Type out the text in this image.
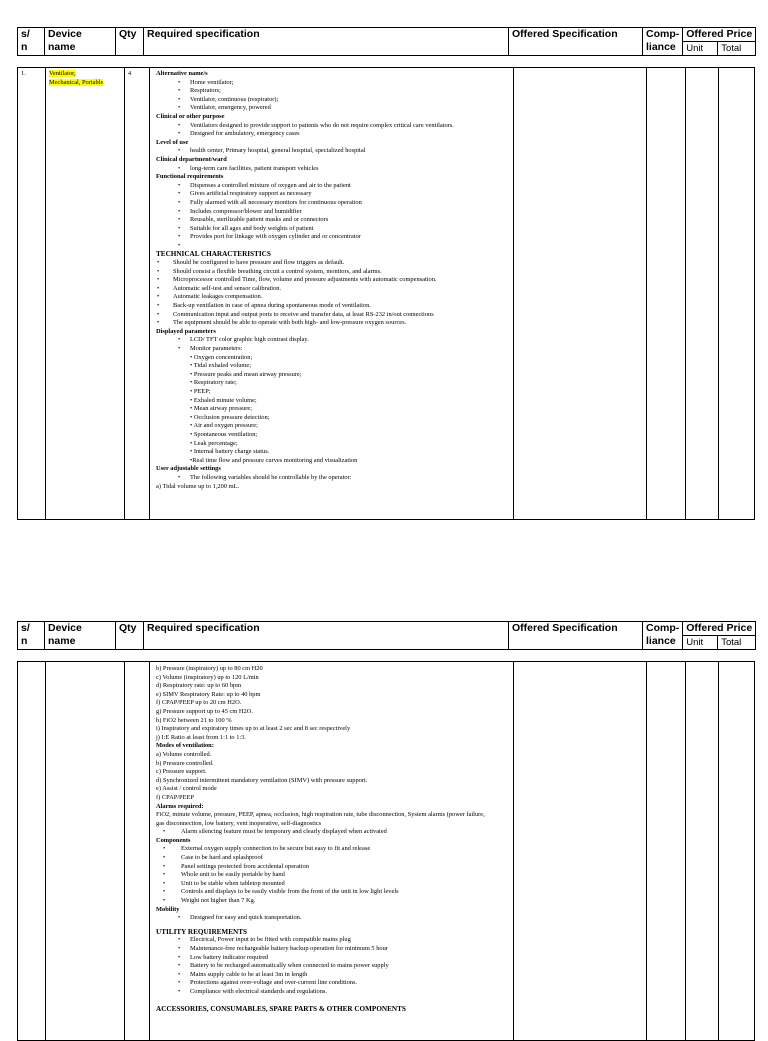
s/
n	Device name	Qty	Required specification	Offered Specification	Comp-
liance	Offered Price	
						Unit	Total
1.	Ventilator,
Mechanical, Portable	4	Alternative name/s
• Home ventilator;
• Respirators;
• Ventilator, continuous (respirator);
• Ventilator, emergency, powered
Clinical or other purpose
• Ventilators designed to provide support to patients who do not require complex critical care ventilators.
• Designed for ambulatory, emergency cases
Level of use
• health center, Primary hospital, general hospital, specialized hospital
Clinical department/ward
• long-term care facilities, patient transport vehicles
Functional requirements
• Dispenses a controlled mixture of oxygen and air to the patient
• Gives artificial respiratory support as necessary
• Fully alarmed with all necessary monitors for continuous operation
• Includes compressor/blower and humidifier
• Reusable, sterilizable patient masks and or connectors
• Suitable for all ages and body weights of patient
• Provides port for linkage with oxygen cylinder and or concentrator
•
TECHNICAL CHARACTERISTICS
• Should be configured to have pressure and flow triggers as default.
• Should consist a flexible breathing circuit a control system, monitors, and alarms.
• Microprocessor controlled Time, flow, volume and pressure adjustments with automatic compensation.
• Automatic self-test and sensor calibration.
• Automatic leakages compensation.
• Back-up ventilation in case of apnea during spontaneous mode of ventilation.
• Communication input and output ports to receive and transfer data, at least RS-232 in/out connections
• The equipment should be able to operate with both high- and low-pressure oxygen sources.
Displayed parameters
• LCD/ TFT color graphic high contrast display.
• Monitor parameters:
• Oxygen concentration;
• Tidal exhaled volume;
• Pressure peaks and mean airway pressure;
• Respiratory rate;
• PEEP;
• Exhaled minute volume;
• Mean airway pressure;
• Occlusion pressure detection;
• Air and oxygen pressure;
• Spontaneous ventilation;
• Leak percentage;
• Internal battery charge status.
•Real time flow and pressure curves monitoring and visualization
User adjustable settings
• The following variables should be controllable by the operator:
a) Tidal volume up to 1,200 mL.

s/
n	Device name	Qty	Required specification	Offered Specification	Comp-
liance	Offered Price	
						Unit	Total

b) Pressure (inspiratory) up to 80 cm H20
c) Volume (inspiratory) up to 120 L/min
d) Respiratory rate: up to 60 bpm
e) SIMV Respiratory Rate: up to 40 bpm
f) CPAP/PEEP up to 20 cm H2O.
g) Pressure support up to 45 cm H2O.
h) FiO2 between 21 to 100 %
i) Inspiratory and expiratory times up to at least 2 sec and 8 sec respectively
j) I:E Ratio at least from 1:1 to 1:3.
Modes of ventilation:
a) Volume controlled.
b) Pressure controlled.
c) Pressure support.
d) Synchronized intermittent mandatory ventilation (SIMV) with pressure support.
e) Assist / control mode
f) CPAP/PEEP
Alarms required:
FiO2, minute volume, pressure, PEEP, apnea, occlusion, high respiration rate, tube disconnection, System alarms (power failure, gas disconnection, low battery, vent inoperative, self-diagnostics
• Alarm silencing feature must be temporary and clearly displayed when activated
Components
• External oxygen supply connection to be secure but easy to fit and release
• Case to be hard and splashproof
• Panel settings protected from accidental operation
• Whole unit to be easily portable by hand
• Unit to be stable when tabletop mounted
• Controls and displays to be easily visible from the front of the unit in low light levels
• Weight not higher than 7 Kg.
Mobility
• Designed for easy and quick transportation.
UTILITY REQUIREMENTS
• Electrical, Power input to be fitted with compatible mains plug
• Maintenance-free rechargeable battery backup operation for minimum 5 hour
• Low battery indicator required
• Battery to be recharged automatically when connected to mains power supply
• Mains supply cable to be at least 3m in length
• Protections against over-voltage and over-current line conditions.
• Compliance with electrical standards and regulations.
ACCESSORIES, CONSUMABLES, SPARE PARTS & OTHER COMPONENTS
